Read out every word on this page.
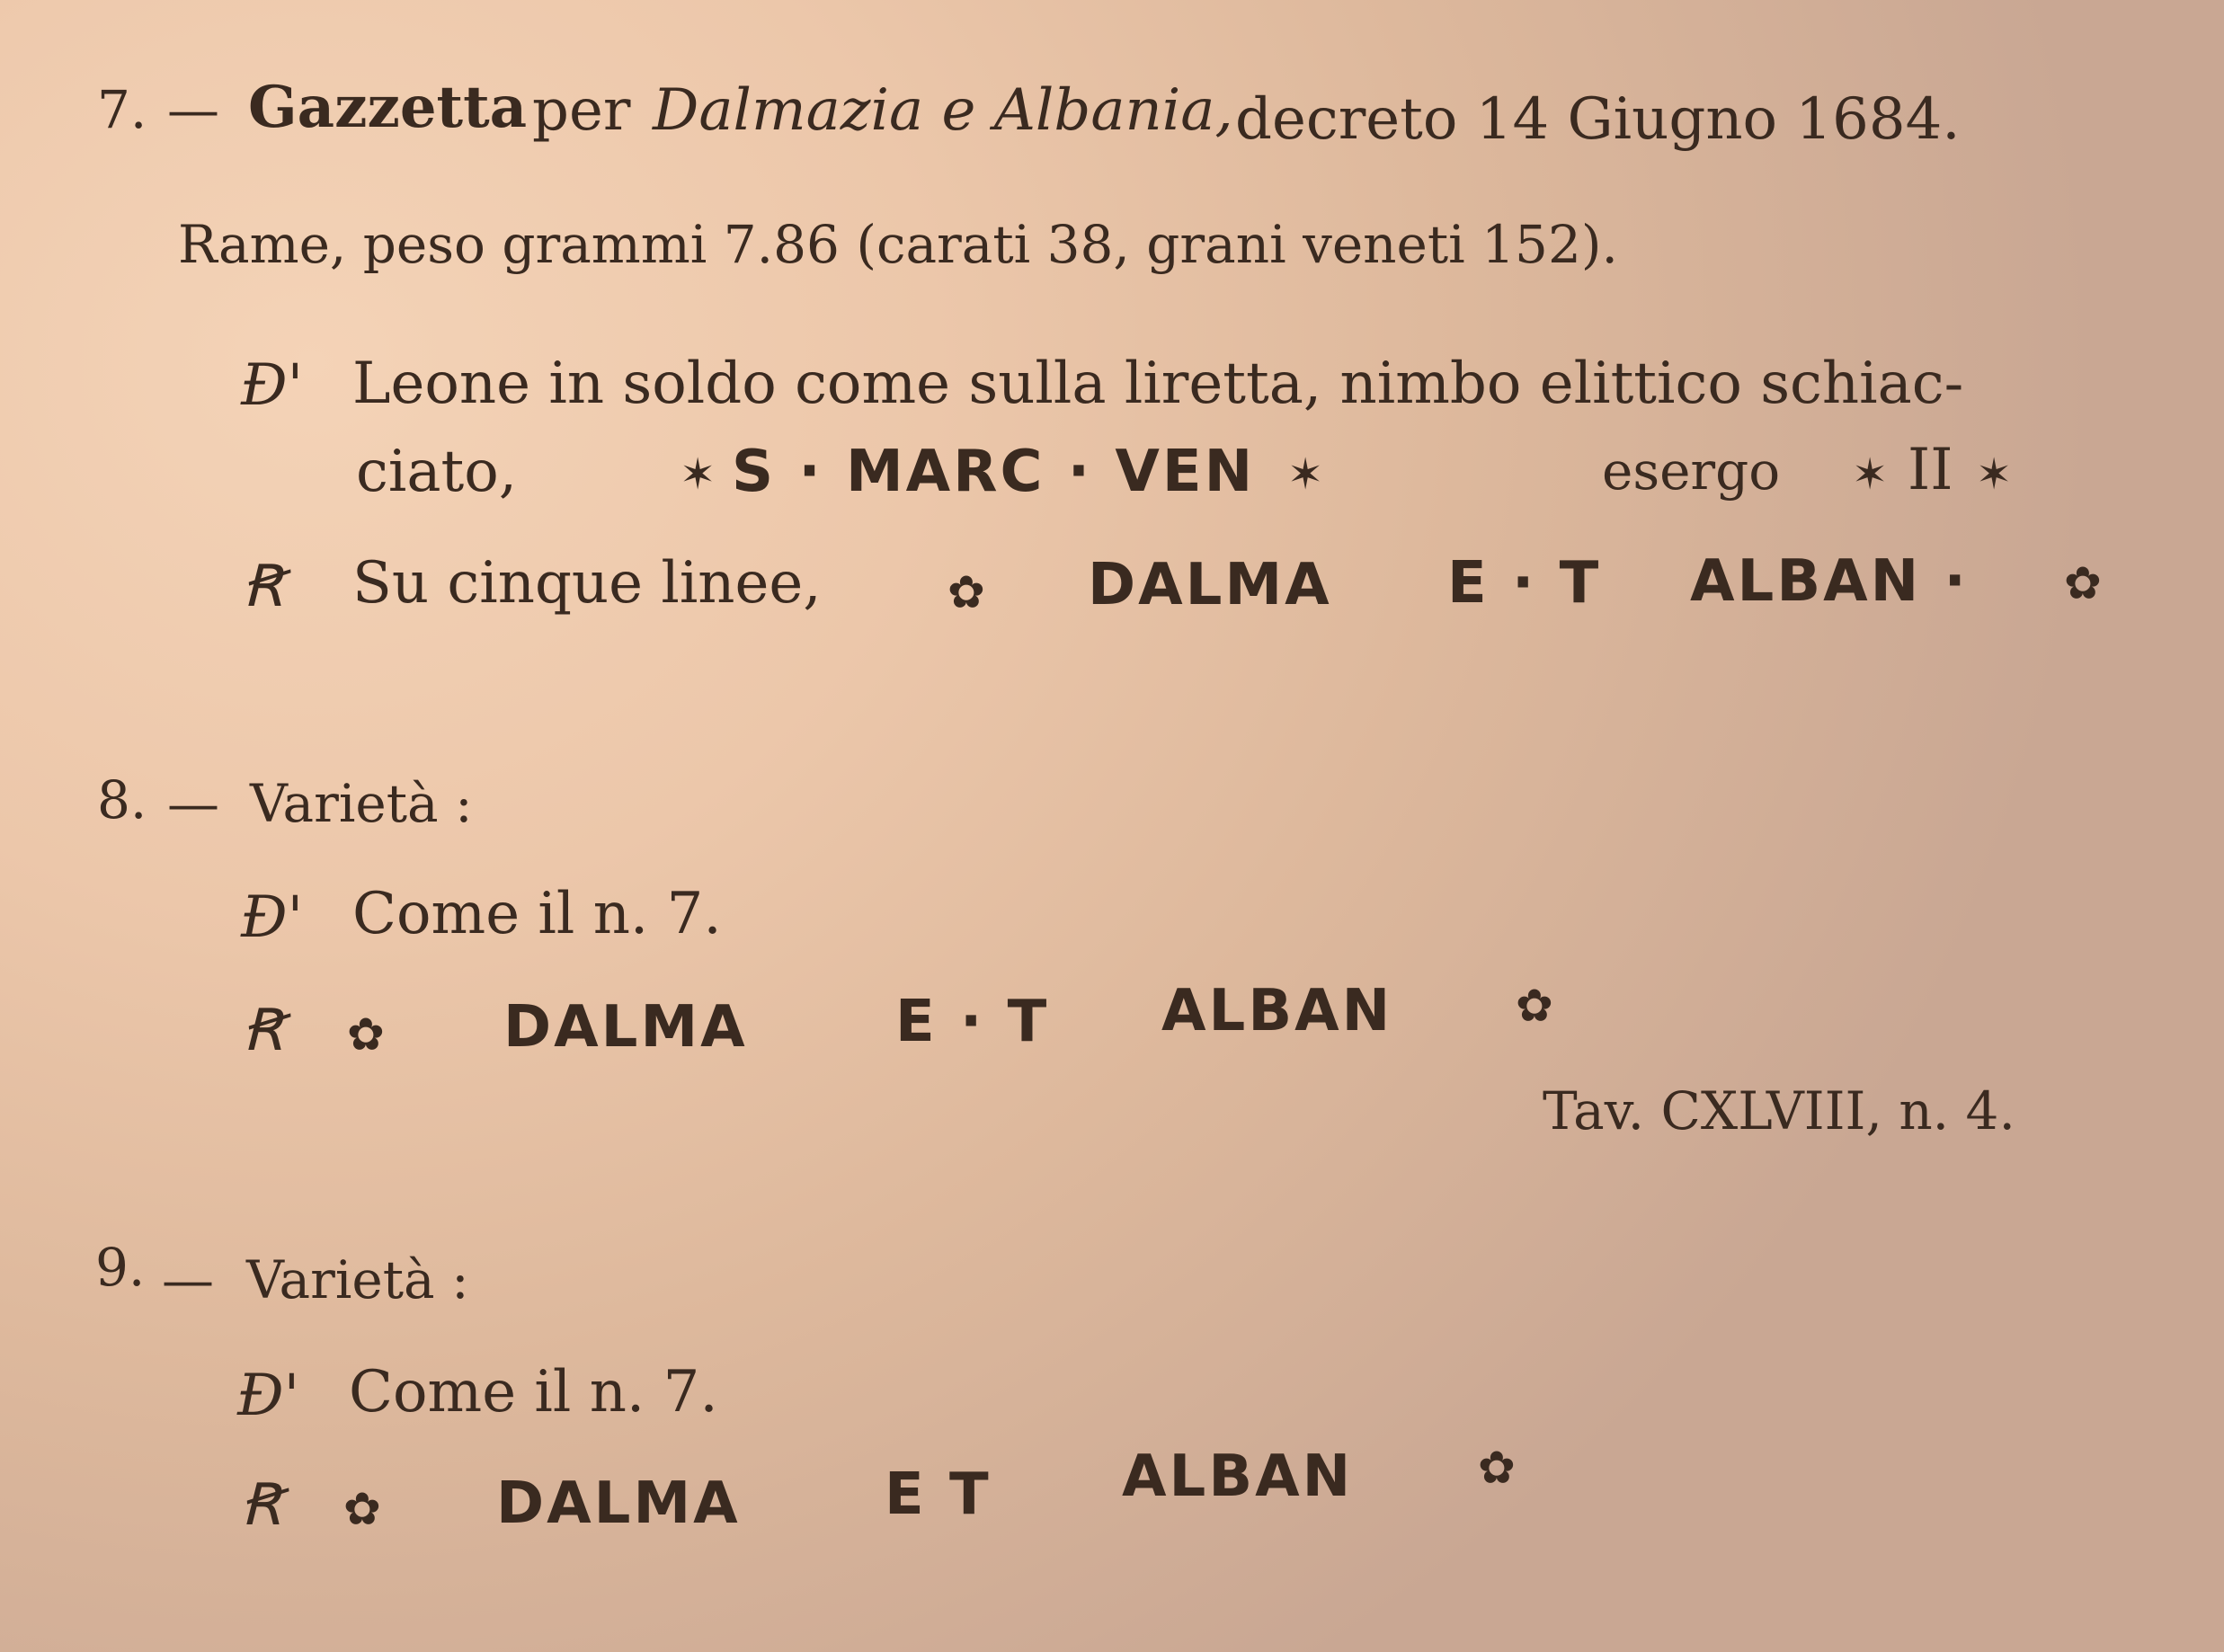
7. — Gazzetta per Dalmazia e Albania, decreto 14 Giugno 1684.
Rame, peso grammi 7.86 (carati 38, grani veneti 152).
Ɖ' Leone in soldo come sulla liretta, nimbo elittico schiac-
ciato,	✶ S · MARC · VEN ✶	esergo ✶ II ✶
Ꞧ Su cinque linee,	✿ DALMA E · T ALBAN · ✿
8. — Varietà :
Ɖ' Come il n. 7.
Ꞧ ✿ DALMA	E · T ALBAN	✿
Tav. CXLVIII, n. 4.
9. — Varietà :
Ɖ' Come il n. 7.
Ꞧ ✿ DALMA	E T ALBAN	✿
